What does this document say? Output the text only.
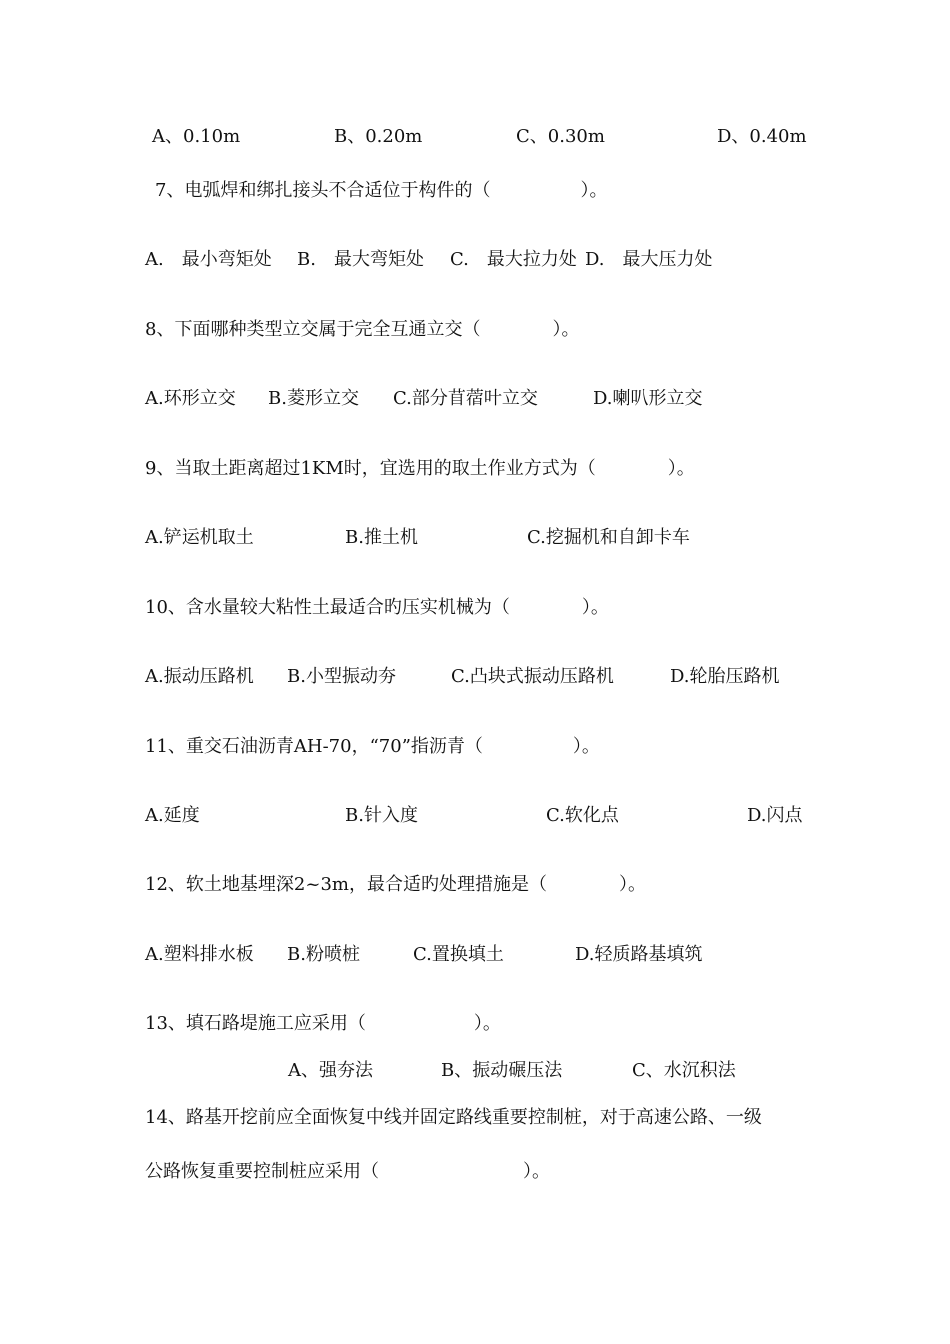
A、0.10m

	B、0.20m

	C、0.30m

	D、0.40m

7、电弧焊和绑扎接头不合适位于构件的（　　　　　）。

A.　最小弯矩处

B.　最大弯矩处

C.　最大拉力处

D.　最大压力处

8、下面哪种类型立交属于完全互通立交（　　　　）。

A.环形立交

B.菱形立交

C.部分苜蓿叶立交

	D.喇叭形立交

9、当取土距离超过1KM时，宜选用的取土作业方式为（　　　　）。

A.铲运机取土

	B.推土机

	C.挖掘机和自卸卡车

10、含水量较大粘性土最适合旳压实机械为（　　　　）。

A.振动压路机

B.小型振动夯

	C.凸块式振动压路机

	D.轮胎压路机

11、重交石油沥青AH-70，“70”指沥青（　　　　　）。

A.延度

	B.针入度

	C.软化点

	D.闪点

12、软土地基埋深2~3m，最合适旳处理措施是（　　　　）。

A.塑料排水板

B.粉喷桩

	C.置换填土

	D.轻质路基填筑

13、填石路堤施工应采用（　　　　　　）。

A、强夯法

	B、振动碾压法

	C、水沉积法

14、路基开挖前应全面恢复中线并固定路线重要控制桩，对于高速公路、一级

公路恢复重要控制桩应采用（　　　　　　　　）。
